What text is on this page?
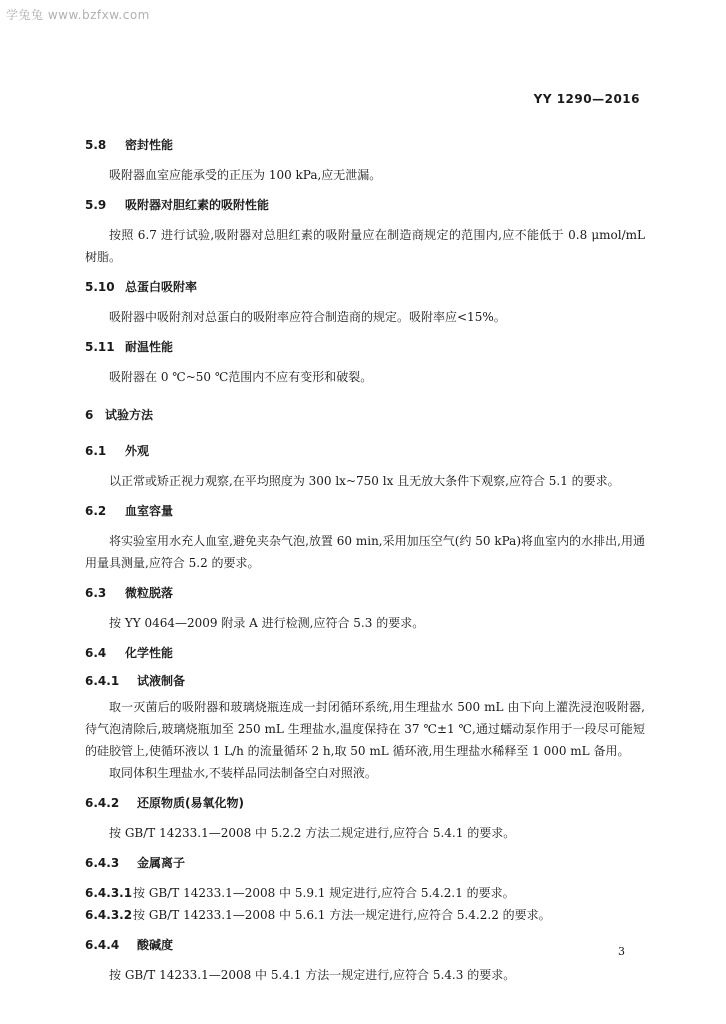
学兔兔 www.bzfxw.com
YY 1290—2016
5.8 密封性能
吸附器血室应能承受的正压为 100 kPa,应无泄漏。
5.9 吸附器对胆红素的吸附性能
按照 6.7 进行试验,吸附器对总胆红素的吸附量应在制造商规定的范围内,应不能低于 0.8 μmol/mL 树脂。
5.10 总蛋白吸附率
吸附器中吸附剂对总蛋白的吸附率应符合制造商的规定。吸附率应<15%。
5.11 耐温性能
吸附器在 0 ℃~50 ℃范围内不应有变形和破裂。
6 试验方法
6.1 外观
以正常或矫正视力观察,在平均照度为 300 lx~750 lx 且无放大条件下观察,应符合 5.1 的要求。
6.2 血室容量
将实验室用水充人血室,避免夹杂气泡,放置 60 min,采用加压空气(约 50 kPa)将血室内的水排出,用通用量具测量,应符合 5.2 的要求。
6.3 微粒脱落
按 YY 0464—2009 附录 A 进行检测,应符合 5.3 的要求。
6.4 化学性能
6.4.1 试液制备
取一灭菌后的吸附器和玻璃烧瓶连成一封闭循环系统,用生理盐水 500 mL 由下向上灌洗浸泡吸附器,待气泡清除后,玻璃烧瓶加至 250 mL 生理盐水,温度保持在 37 ℃±1 ℃,通过蠕动泵作用于一段尽可能短的硅胶管上,使循环液以 1 L/h 的流量循环 2 h,取 50 mL 循环液,用生理盐水稀释至 1 000 mL 备用。
取同体积生理盐水,不装样品同法制备空白对照液。
6.4.2 还原物质(易氧化物)
按 GB/T 14233.1—2008 中 5.2.2 方法二规定进行,应符合 5.4.1 的要求。
6.4.3 金属离子
6.4.3.1按 GB/T 14233.1—2008 中 5.9.1 规定进行,应符合 5.4.2.1 的要求。
6.4.3.2按 GB/T 14233.1—2008 中 5.6.1 方法一规定进行,应符合 5.4.2.2 的要求。
6.4.4 酸碱度
按 GB/T 14233.1—2008 中 5.4.1 方法一规定进行,应符合 5.4.3 的要求。
3
